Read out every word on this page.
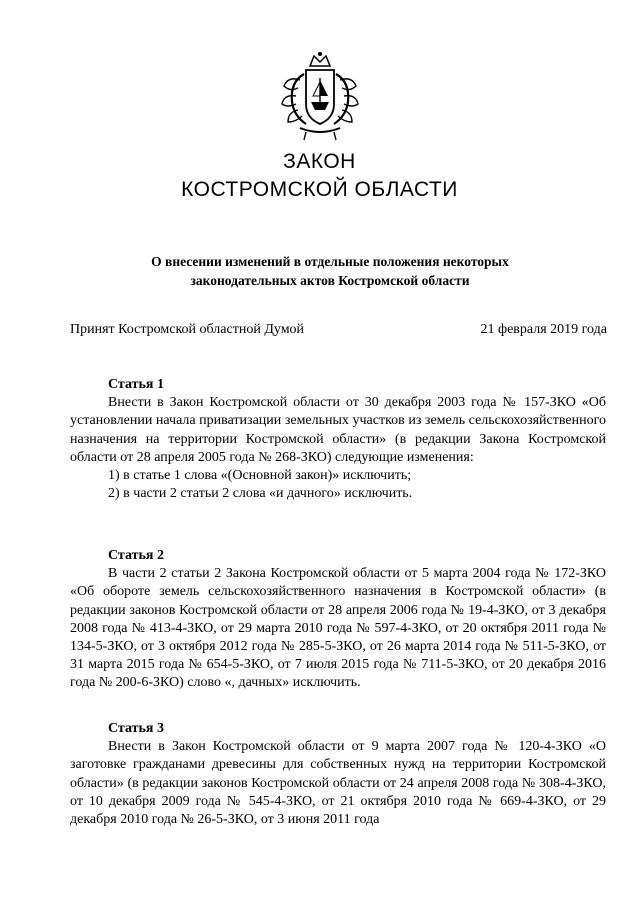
ЗАКОН
КОСТРОМСКОЙ ОБЛАСТИ
О внесении изменений в отдельные положения некоторых
законодательных актов Костромской области
Принят Костромской областной Думой	21 февраля 2019 года
Статья 1

Внести в Закон Костромской области от 30 декабря 2003 года № 157-ЗКО «Об установлении начала приватизации земельных участков из земель сельскохозяйственного назначения на территории Костромской области» (в редакции Закона Костромской области от 28 апреля 2005 года № 268-ЗКО) следующие изменения:

1) в статье 1 слова «(Основной закон)» исключить;

2) в части 2 статьи 2 слова «и дачного» исключить.

Статья 2

В части 2 статьи 2 Закона Костромской области от 5 марта 2004 года № 172-ЗКО «Об обороте земель сельскохозяйственного назначения в Костромской области» (в редакции законов Костромской области от 28 апреля 2006 года № 19-4-ЗКО, от 3 декабря 2008 года № 413-4-ЗКО, от 29 марта 2010 года № 597-4-ЗКО, от 20 октября 2011 года № 134-5-ЗКО, от 3 октября 2012 года № 285-5-ЗКО, от 26 марта 2014 года № 511-5-ЗКО, от 31 марта 2015 года № 654-5-ЗКО, от 7 июля 2015 года № 711-5-ЗКО, от 20 декабря 2016 года № 200-6-ЗКО) слово «, дачных» исключить.

Статья 3

Внести в Закон Костромской области от 9 марта 2007 года № 120-4-ЗКО «О заготовке гражданами древесины для собственных нужд на территории Костромской области» (в редакции законов Костромской области от 24 апреля 2008 года № 308-4-ЗКО, от 10 декабря 2009 года № 545-4-ЗКО, от 21 октября 2010 года № 669-4-ЗКО, от 29 декабря 2010 года № 26-5-ЗКО, от 3 июня 2011 года
